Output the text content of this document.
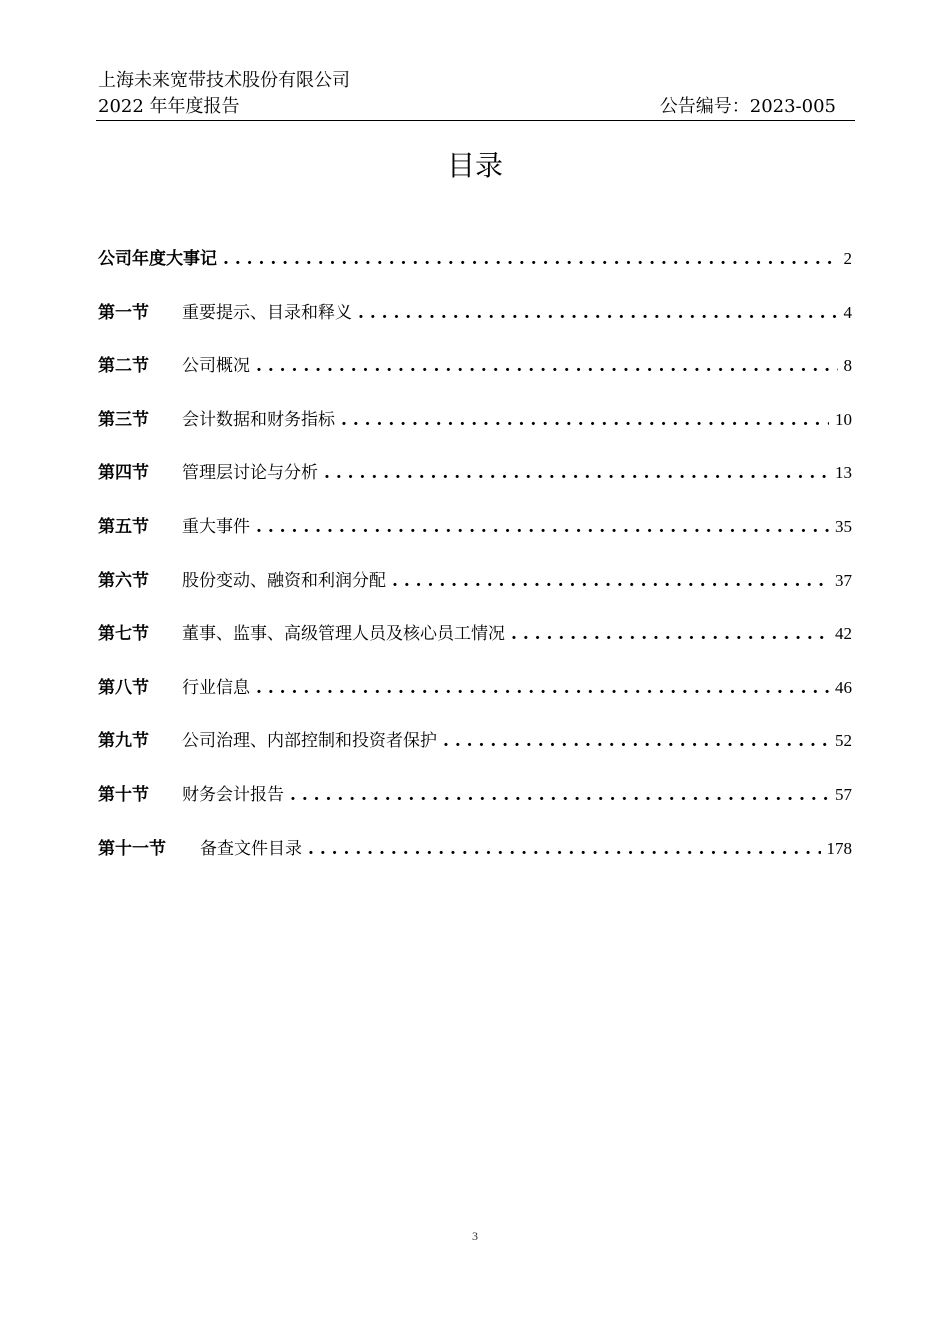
上海未来宽带技术股份有限公司
2022 年年度报告	公告编号：2023-005
目录
公司年度大事记 . . .	2
第一节	重要提示、目录和释义 . . .	4
第二节	公司概况 . . .	8
第三节	会计数据和财务指标 . . .	10
第四节	管理层讨论与分析 . . .	13
第五节	重大事件 . . .	35
第六节	股份变动、融资和利润分配 . . .	37
第七节	董事、监事、高级管理人员及核心员工情况 . . .	42
第八节	行业信息 . . .	46
第九节	公司治理、内部控制和投资者保护 . . .	52
第十节	财务会计报告 . . .	57
第十一节	备查文件目录 . . .	178
3
